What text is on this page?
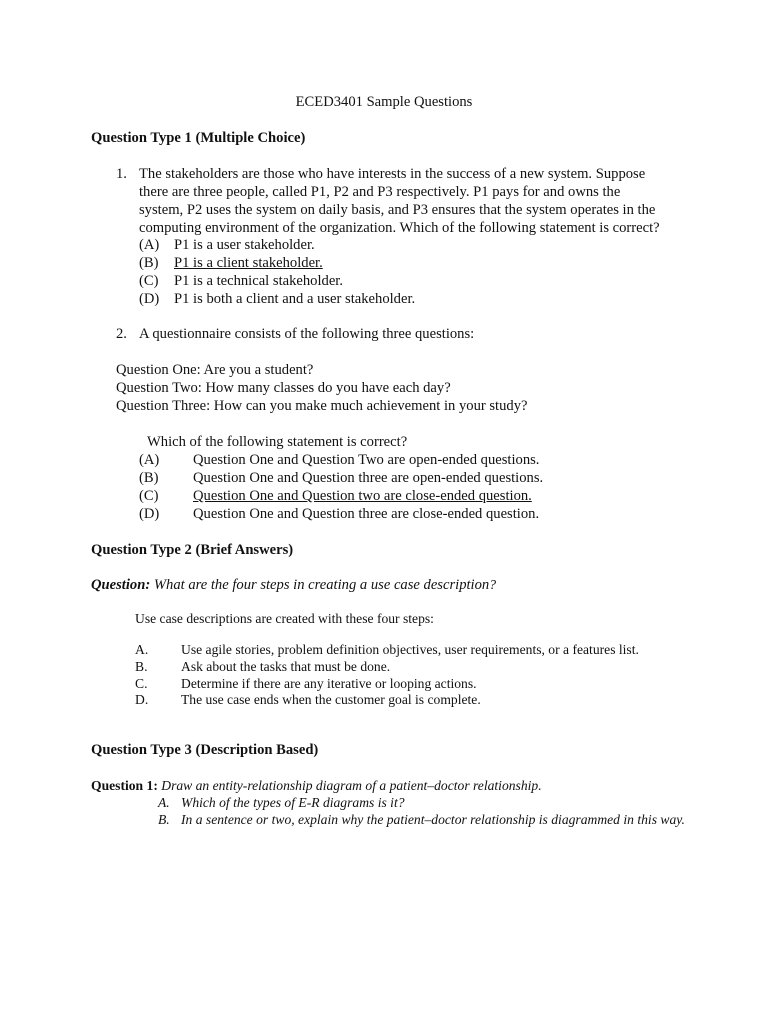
ECED3401 Sample Questions
Question Type 1 (Multiple Choice)
1. The stakeholders are those who have interests in the success of a new system. Suppose
there are three people, called P1, P2 and P3 respectively. P1 pays for and owns the
system, P2 uses the system on daily basis, and P3 ensures that the system operates in the
computing environment of the organization. Which of the following statement is correct?
(A) P1 is a user stakeholder.
(B) P1 is a client stakeholder.
(C) P1 is a technical stakeholder.
(D) P1 is both a client and a user stakeholder.
2. A questionnaire consists of the following three questions:
Question One: Are you a student?
Question Two: How many classes do you have each day?
Question Three: How can you make much achievement in your study?
Which of the following statement is correct?
(A) Question One and Question Two are open-ended questions.
(B) Question One and Question three are open-ended questions.
(C) Question One and Question two are close-ended question.
(D) Question One and Question three are close-ended question.
Question Type 2 (Brief Answers)
Question: What are the four steps in creating a use case description?
Use case descriptions are created with these four steps:
A. Use agile stories, problem definition objectives, user requirements, or a features list.
B. Ask about the tasks that must be done.
C. Determine if there are any iterative or looping actions.
D. The use case ends when the customer goal is complete.
Question Type 3 (Description Based)
Question 1: Draw an entity-relationship diagram of a patient–doctor relationship.
A. Which of the types of E-R diagrams is it?
B. In a sentence or two, explain why the patient–doctor relationship is diagrammed in this way.
